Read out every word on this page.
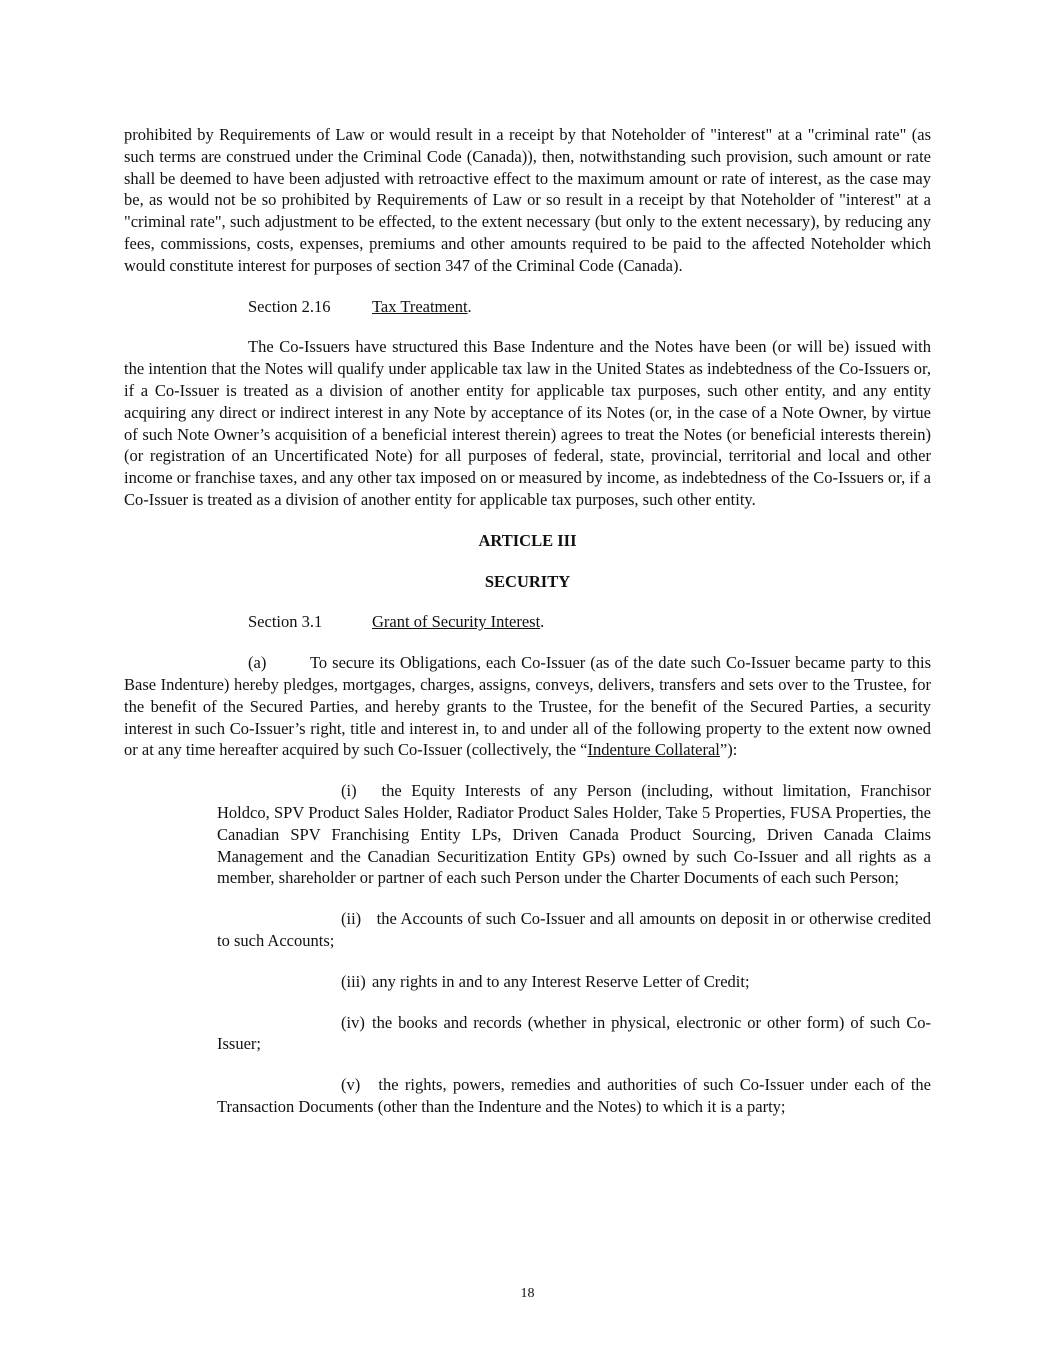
prohibited by Requirements of Law or would result in a receipt by that Noteholder of "interest" at a "criminal rate" (as such terms are construed under the Criminal Code (Canada)), then, notwithstanding such provision, such amount or rate shall be deemed to have been adjusted with retroactive effect to the maximum amount or rate of interest, as the case may be, as would not be so prohibited by Requirements of Law or so result in a receipt by that Noteholder of "interest" at a "criminal rate", such adjustment to be effected, to the extent necessary (but only to the extent necessary), by reducing any fees, commissions, costs, expenses, premiums and other amounts required to be paid to the affected Noteholder which would constitute interest for purposes of section 347 of the Criminal Code (Canada).

Section 2.16	Tax Treatment.

The Co-Issuers have structured this Base Indenture and the Notes have been (or will be) issued with the intention that the Notes will qualify under applicable tax law in the United States as indebtedness of the Co-Issuers or, if a Co-Issuer is treated as a division of another entity for applicable tax purposes, such other entity, and any entity acquiring any direct or indirect interest in any Note by acceptance of its Notes (or, in the case of a Note Owner, by virtue of such Note Owner’s acquisition of a beneficial interest therein) agrees to treat the Notes (or beneficial interests therein) (or registration of an Uncertificated Note) for all purposes of federal, state, provincial, territorial and local and other income or franchise taxes, and any other tax imposed on or measured by income, as indebtedness of the Co-Issuers or, if a Co-Issuer is treated as a division of another entity for applicable tax purposes, such other entity.

ARTICLE III

SECURITY

Section 3.1	Grant of Security Interest.

(a)	To secure its Obligations, each Co-Issuer (as of the date such Co-Issuer became party to this Base Indenture) hereby pledges, mortgages, charges, assigns, conveys, delivers, transfers and sets over to the Trustee, for the benefit of the Secured Parties, and hereby grants to the Trustee, for the benefit of the Secured Parties, a security interest in such Co-Issuer’s right, title and interest in, to and under all of the following property to the extent now owned or at any time hereafter acquired by such Co-Issuer (collectively, the “Indenture Collateral”):

(i) the Equity Interests of any Person (including, without limitation, Franchisor Holdco, SPV Product Sales Holder, Radiator Product Sales Holder, Take 5 Properties, FUSA Properties, the Canadian SPV Franchising Entity LPs, Driven Canada Product Sourcing, Driven Canada Claims Management and the Canadian Securitization Entity GPs) owned by such Co-Issuer and all rights as a member, shareholder or partner of each such Person under the Charter Documents of each such Person;

(ii) the Accounts of such Co-Issuer and all amounts on deposit in or otherwise credited to such Accounts;

(iii) any rights in and to any Interest Reserve Letter of Credit;

(iv) the books and records (whether in physical, electronic or other form) of such Co-Issuer;

(v) the rights, powers, remedies and authorities of such Co-Issuer under each of the Transaction Documents (other than the Indenture and the Notes) to which it is a party;

18
